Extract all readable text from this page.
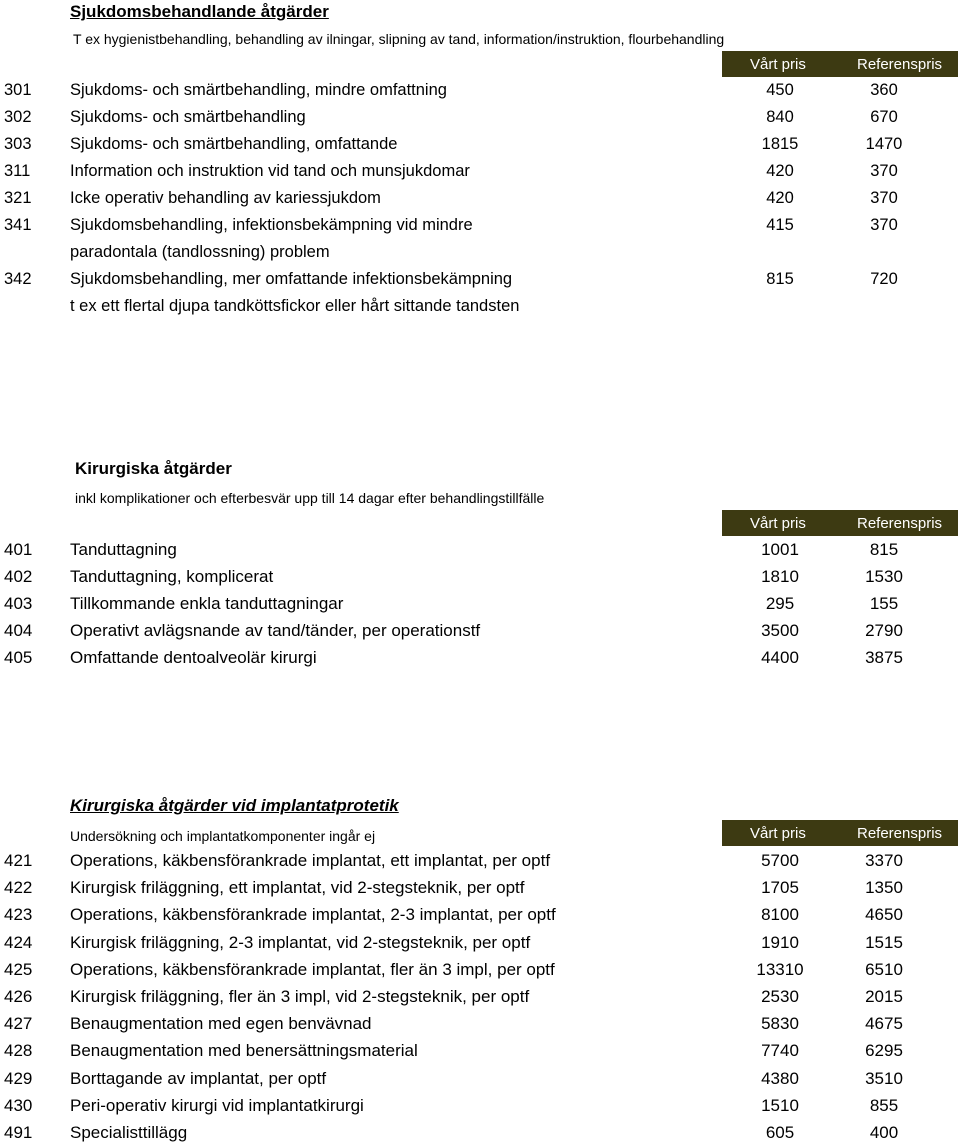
Sjukdomsbehandlande åtgärder
T ex hygienistbehandling, behandling av ilningar, slipning av tand, information/instruktion, flourbehandling
Vårt pris	Referenspris
301 Sjukdoms- och smärtbehandling, mindre omfattning	450	360
302 Sjukdoms- och smärtbehandling	840	670
303 Sjukdoms- och smärtbehandling, omfattande	1815	1470
311 Information och instruktion vid tand och munsjukdomar	420	370
321 Icke operativ behandling av kariessjukdom	420	370
341 Sjukdomsbehandling, infektionsbekämpning vid mindre	415	370
paradontala (tandlossning) problem
342 Sjukdomsbehandling, mer omfattande infektionsbekämpning	815	720
t ex ett flertal djupa tandköttsfickor eller hårt sittande tandsten
Kirurgiska åtgärder
inkl komplikationer och efterbesvär upp till 14 dagar efter behandlingstillfälle
Vårt pris	Referenspris
401 Tanduttagning	1001	815
402 Tanduttagning, komplicerat	1810	1530
403 Tillkommande enkla tanduttagningar	295	155
404 Operativt avlägsnande av tand/tänder, per operationstf	3500	2790
405 Omfattande dentoalveolär kirurgi	4400	3875
Kirurgiska åtgärder vid implantatprotetik
Undersökning och implantatkomponenter ingår ej	Vårt pris	Referenspris
421 Operations, käkbensförankrade implantat, ett implantat, per optf	5700	3370
422 Kirurgisk friläggning, ett implantat, vid 2-stegsteknik, per optf	1705	1350
423 Operations, käkbensförankrade implantat, 2-3 implantat, per optf	8100	4650
424 Kirurgisk friläggning, 2-3 implantat, vid 2-stegsteknik, per optf	1910	1515
425 Operations, käkbensförankrade implantat, fler än 3 impl, per optf	13310	6510
426 Kirurgisk friläggning, fler än 3 impl, vid 2-stegsteknik, per optf	2530	2015
427 Benaugmentation med egen benvävnad	5830	4675
428 Benaugmentation med benersättningsmaterial	7740	6295
429 Borttagande av implantat, per optf	4380	3510
430 Peri-operativ kirurgi vid implantatkirurgi	1510	855
491 Specialisttillägg	605	400
